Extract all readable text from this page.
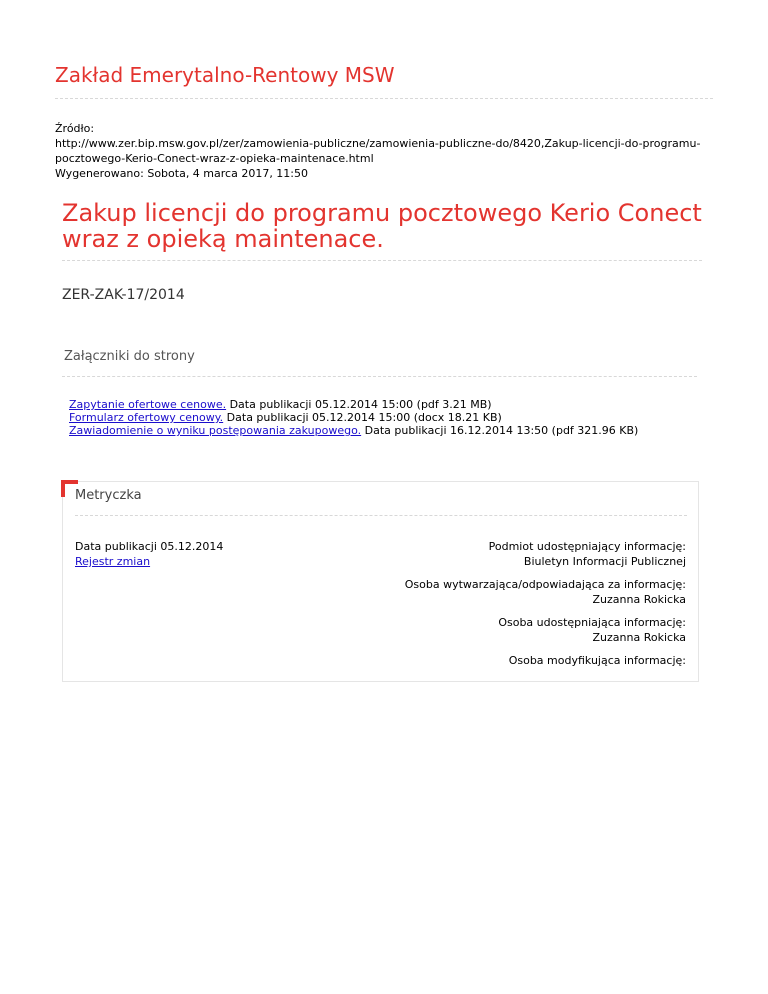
Zakład Emerytalno-Rentowy MSW
Źródło:
http://www.zer.bip.msw.gov.pl/zer/zamowienia-publiczne/zamowienia-publiczne-do/8420,Zakup-licencji-do-programu-
pocztowego-Kerio-Conect-wraz-z-opieka-maintenace.html
Wygenerowano: Sobota, 4 marca 2017, 11:50
Zakup licencji do programu pocztowego Kerio Conect wraz z opieką maintenace.
ZER-ZAK-17/2014
Załączniki do strony
Zapytanie ofertowe cenowe. Data publikacji 05.12.2014 15:00 (pdf 3.21 MB)
Formularz ofertowy cenowy. Data publikacji 05.12.2014 15:00 (docx 18.21 KB)
Zawiadomienie o wyniku postępowania zakupowego. Data publikacji 16.12.2014 13:50 (pdf 321.96 KB)
Metryczka
Data publikacji 05.12.2014
Rejestr zmian
Podmiot udostępniający informację:
Biuletyn Informacji Publicznej
Osoba wytwarzająca/odpowiadająca za informację:
Zuzanna Rokicka
Osoba udostępniająca informację:
Zuzanna Rokicka
Osoba modyfikująca informację:
